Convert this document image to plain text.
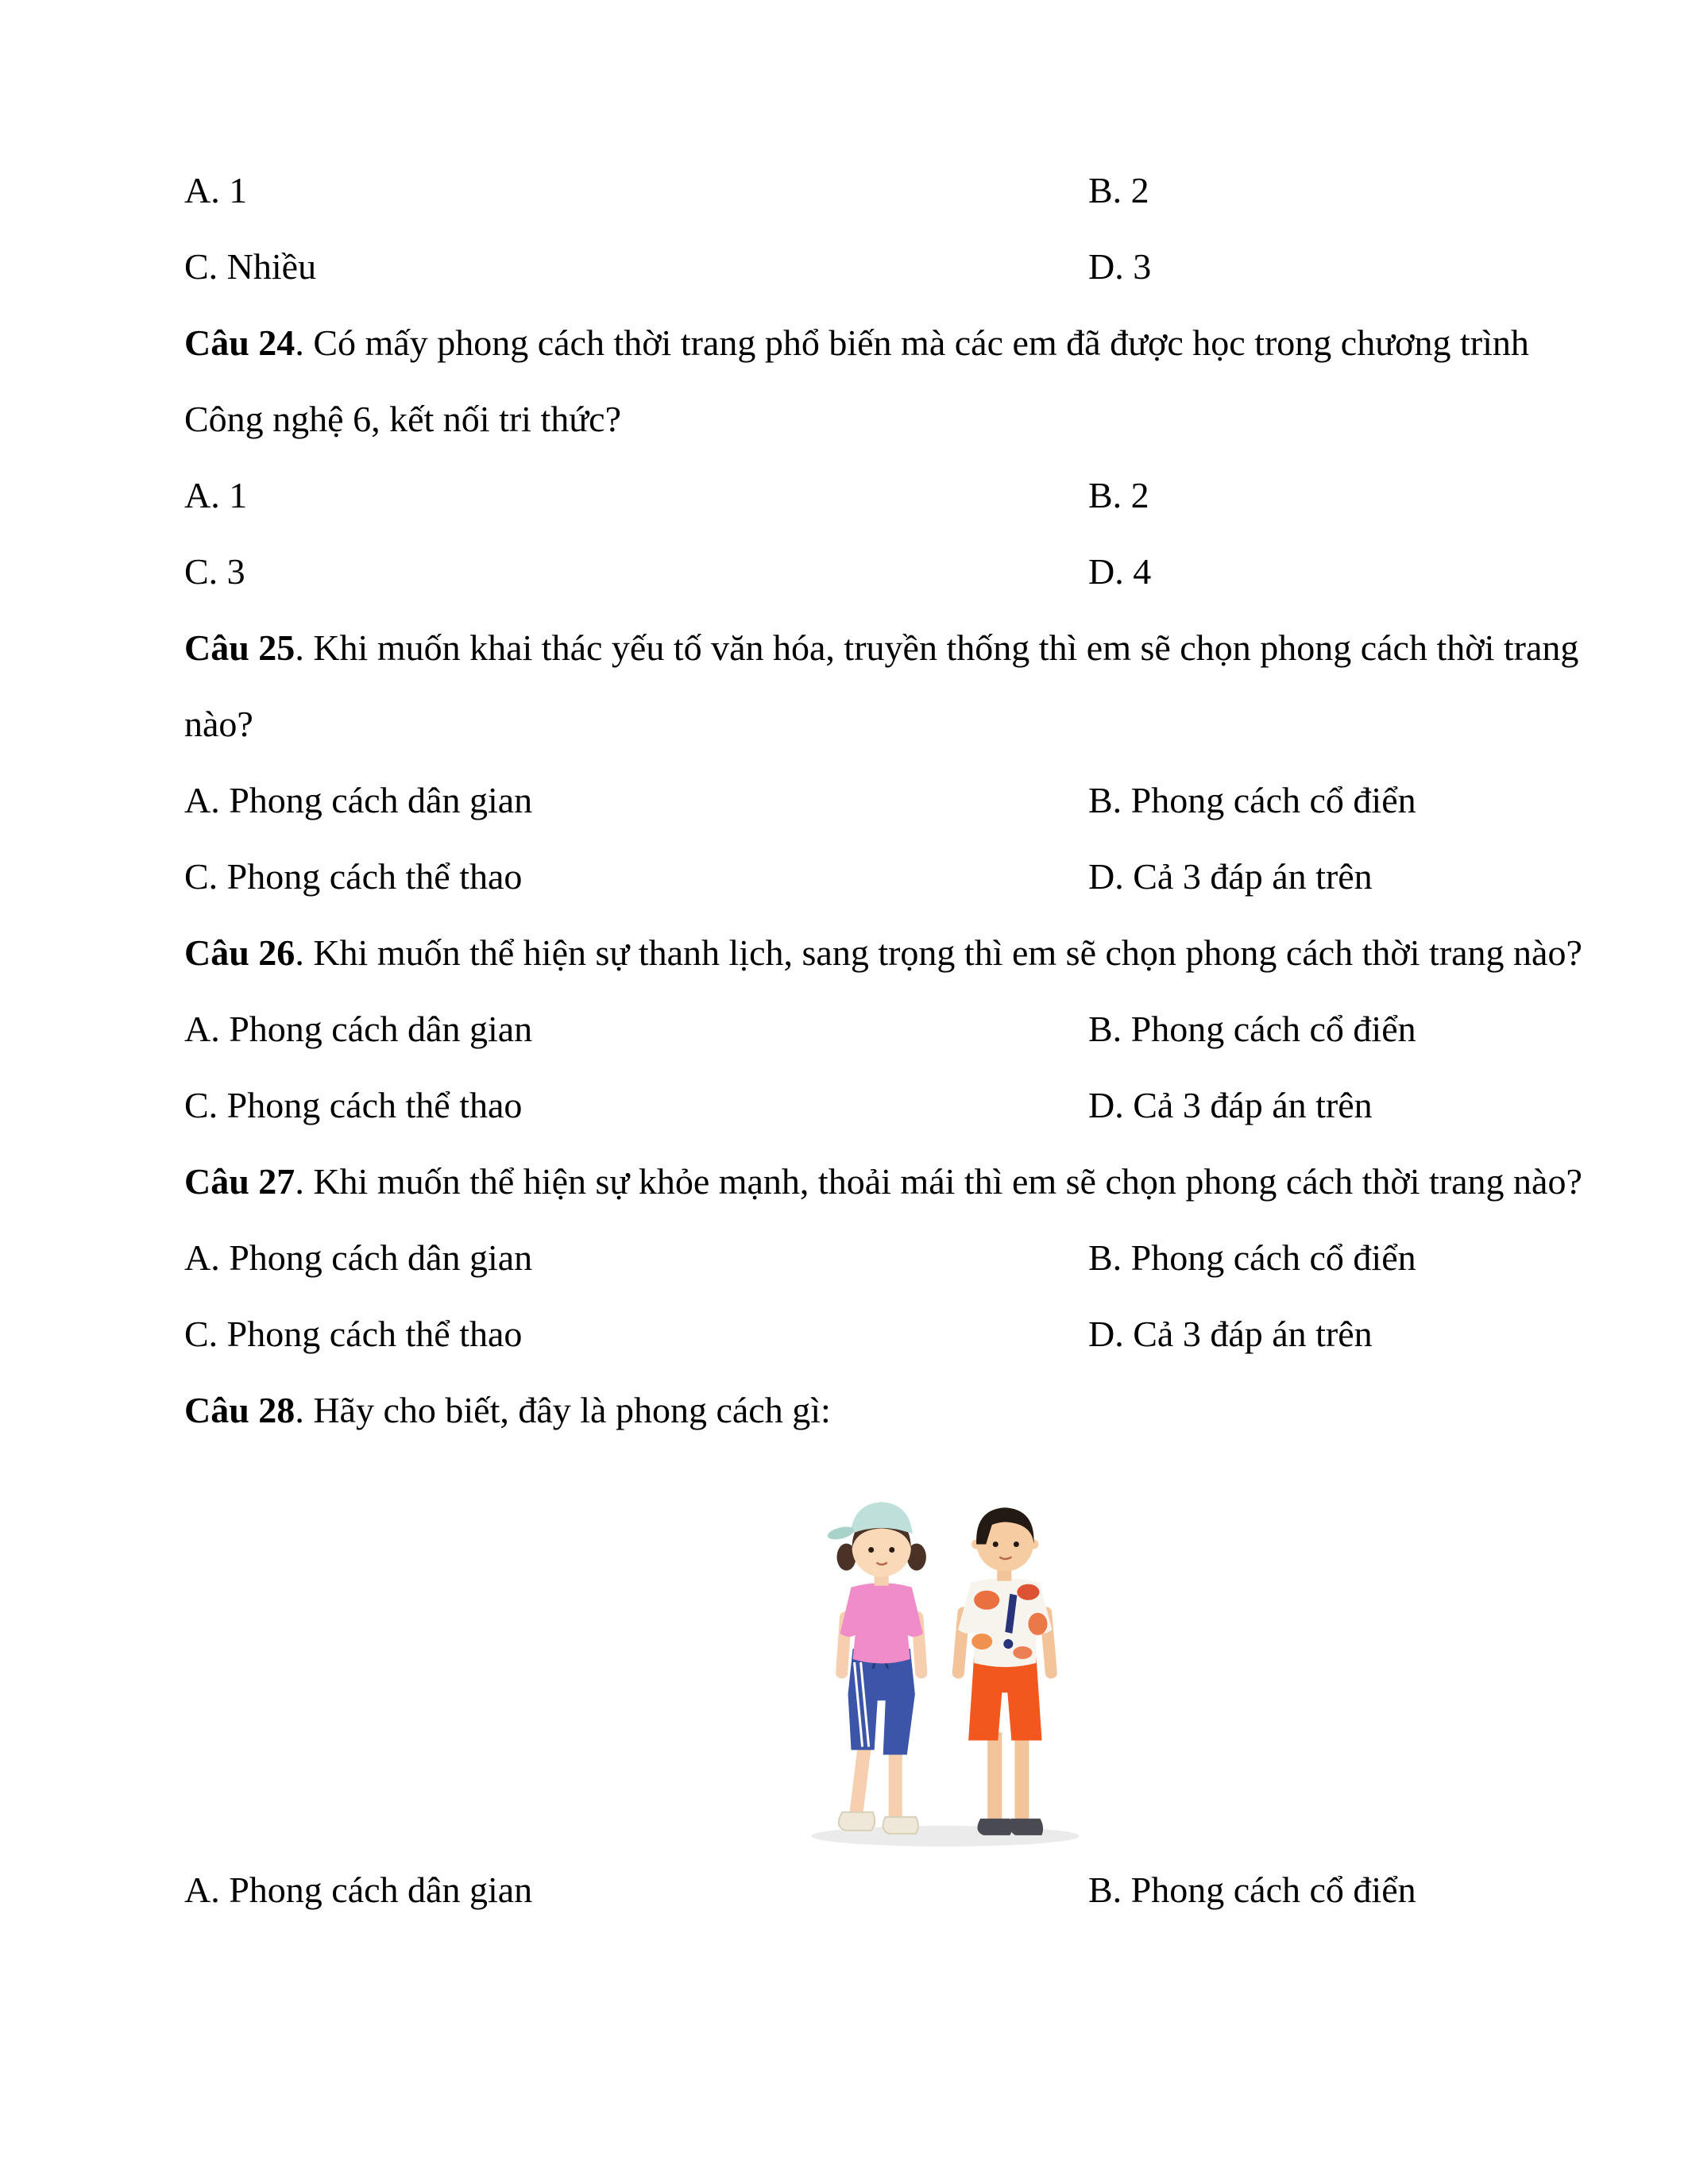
A. 1	B. 2
C. Nhiều	D. 3

Câu 24. Có mấy phong cách thời trang phổ biến mà các em đã được học trong chương trình Công nghệ 6, kết nối tri thức?

A. 1	B. 2
C. 3	D. 4

Câu 25. Khi muốn khai thác yếu tố văn hóa, truyền thống thì em sẽ chọn phong cách thời trang nào?

A. Phong cách dân gian	B. Phong cách cổ điển
C. Phong cách thể thao	D. Cả 3 đáp án trên

Câu 26. Khi muốn thể hiện sự thanh lịch, sang trọng thì em sẽ chọn phong cách thời trang nào?

A. Phong cách dân gian	B. Phong cách cổ điển
C. Phong cách thể thao	D. Cả 3 đáp án trên

Câu 27. Khi muốn thể hiện sự khỏe mạnh, thoải mái thì em sẽ chọn phong cách thời trang nào?

A. Phong cách dân gian	B. Phong cách cổ điển
C. Phong cách thể thao	D. Cả 3 đáp án trên

Câu 28. Hãy cho biết, đây là phong cách gì:

A. Phong cách dân gian	B. Phong cách cổ điển
